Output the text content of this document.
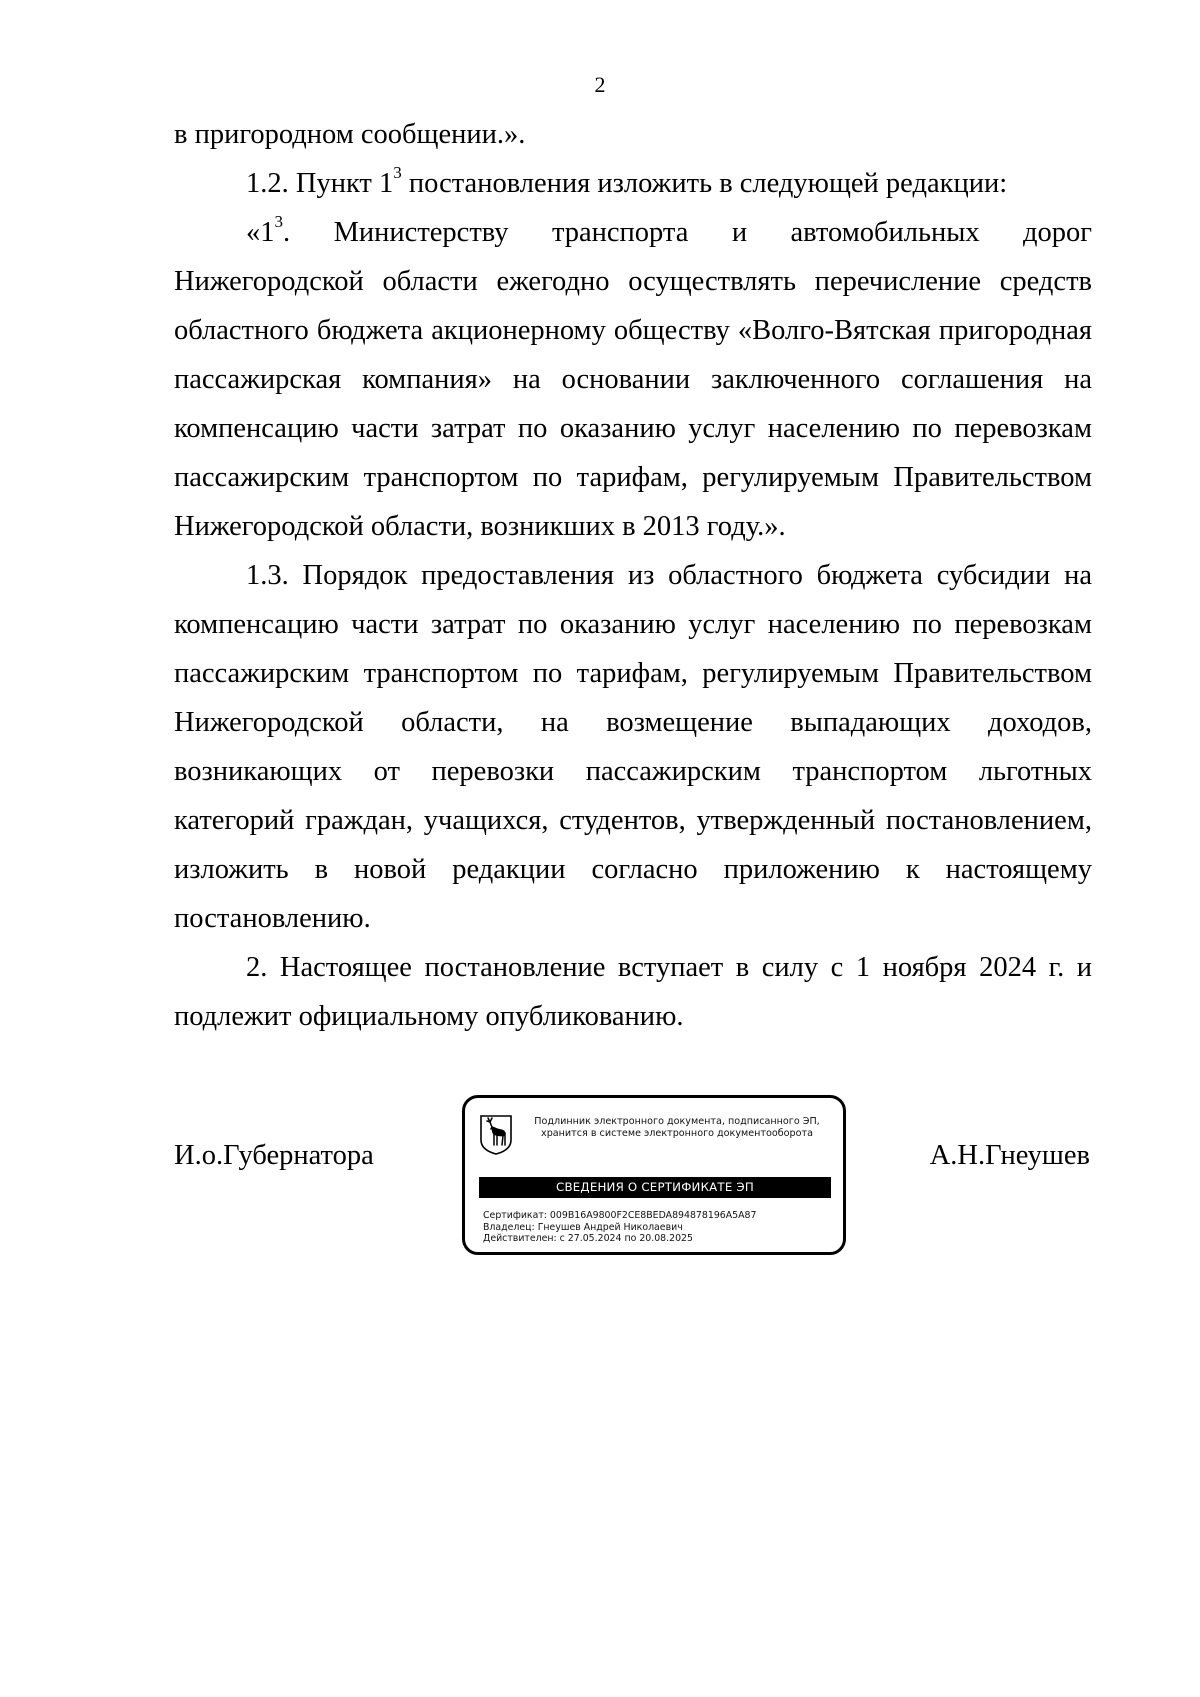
2

в пригородном сообщении.».

1.2. Пункт $1^3$ постановления изложить в следующей редакции:

«$1^3$. Министерству транспорта и автомобильных дорог Нижегородской области ежегодно осуществлять перечисление средств областного бюджета акционерному обществу «Волго-Вятская пригородная пассажирская компания» на основании заключенного соглашения на компенсацию части затрат по оказанию услуг населению по перевозкам пассажирским транспортом по тарифам, регулируемым Правительством Нижегородской области, возникших в 2013 году.».

1.3. Порядок предоставления из областного бюджета субсидии на компенсацию части затрат по оказанию услуг населению по перевозкам пассажирским транспортом по тарифам, регулируемым Правительством Нижегородской области, на возмещение выпадающих доходов, возникающих от перевозки пассажирским транспортом льготных категорий граждан, учащихся, студентов, утвержденный постановлением, изложить в новой редакции согласно приложению к настоящему постановлению.

2. Настоящее постановление вступает в силу с 1 ноября 2024 г. и подлежит официальному опубликованию.

И.о.Губернатора
Подлинник электронного документа, подписанного ЭП,
хранится в системе электронного документооборота
СВЕДЕНИЯ О СЕРТИФИКАТЕ ЭП
Сертификат: 009B16A9800F2CE8BEDA894878196A5A87
Владелец: Гнеушев Андрей Николаевич
Действителен: с 27.05.2024 по 20.08.2025
А.Н.Гнеушев
